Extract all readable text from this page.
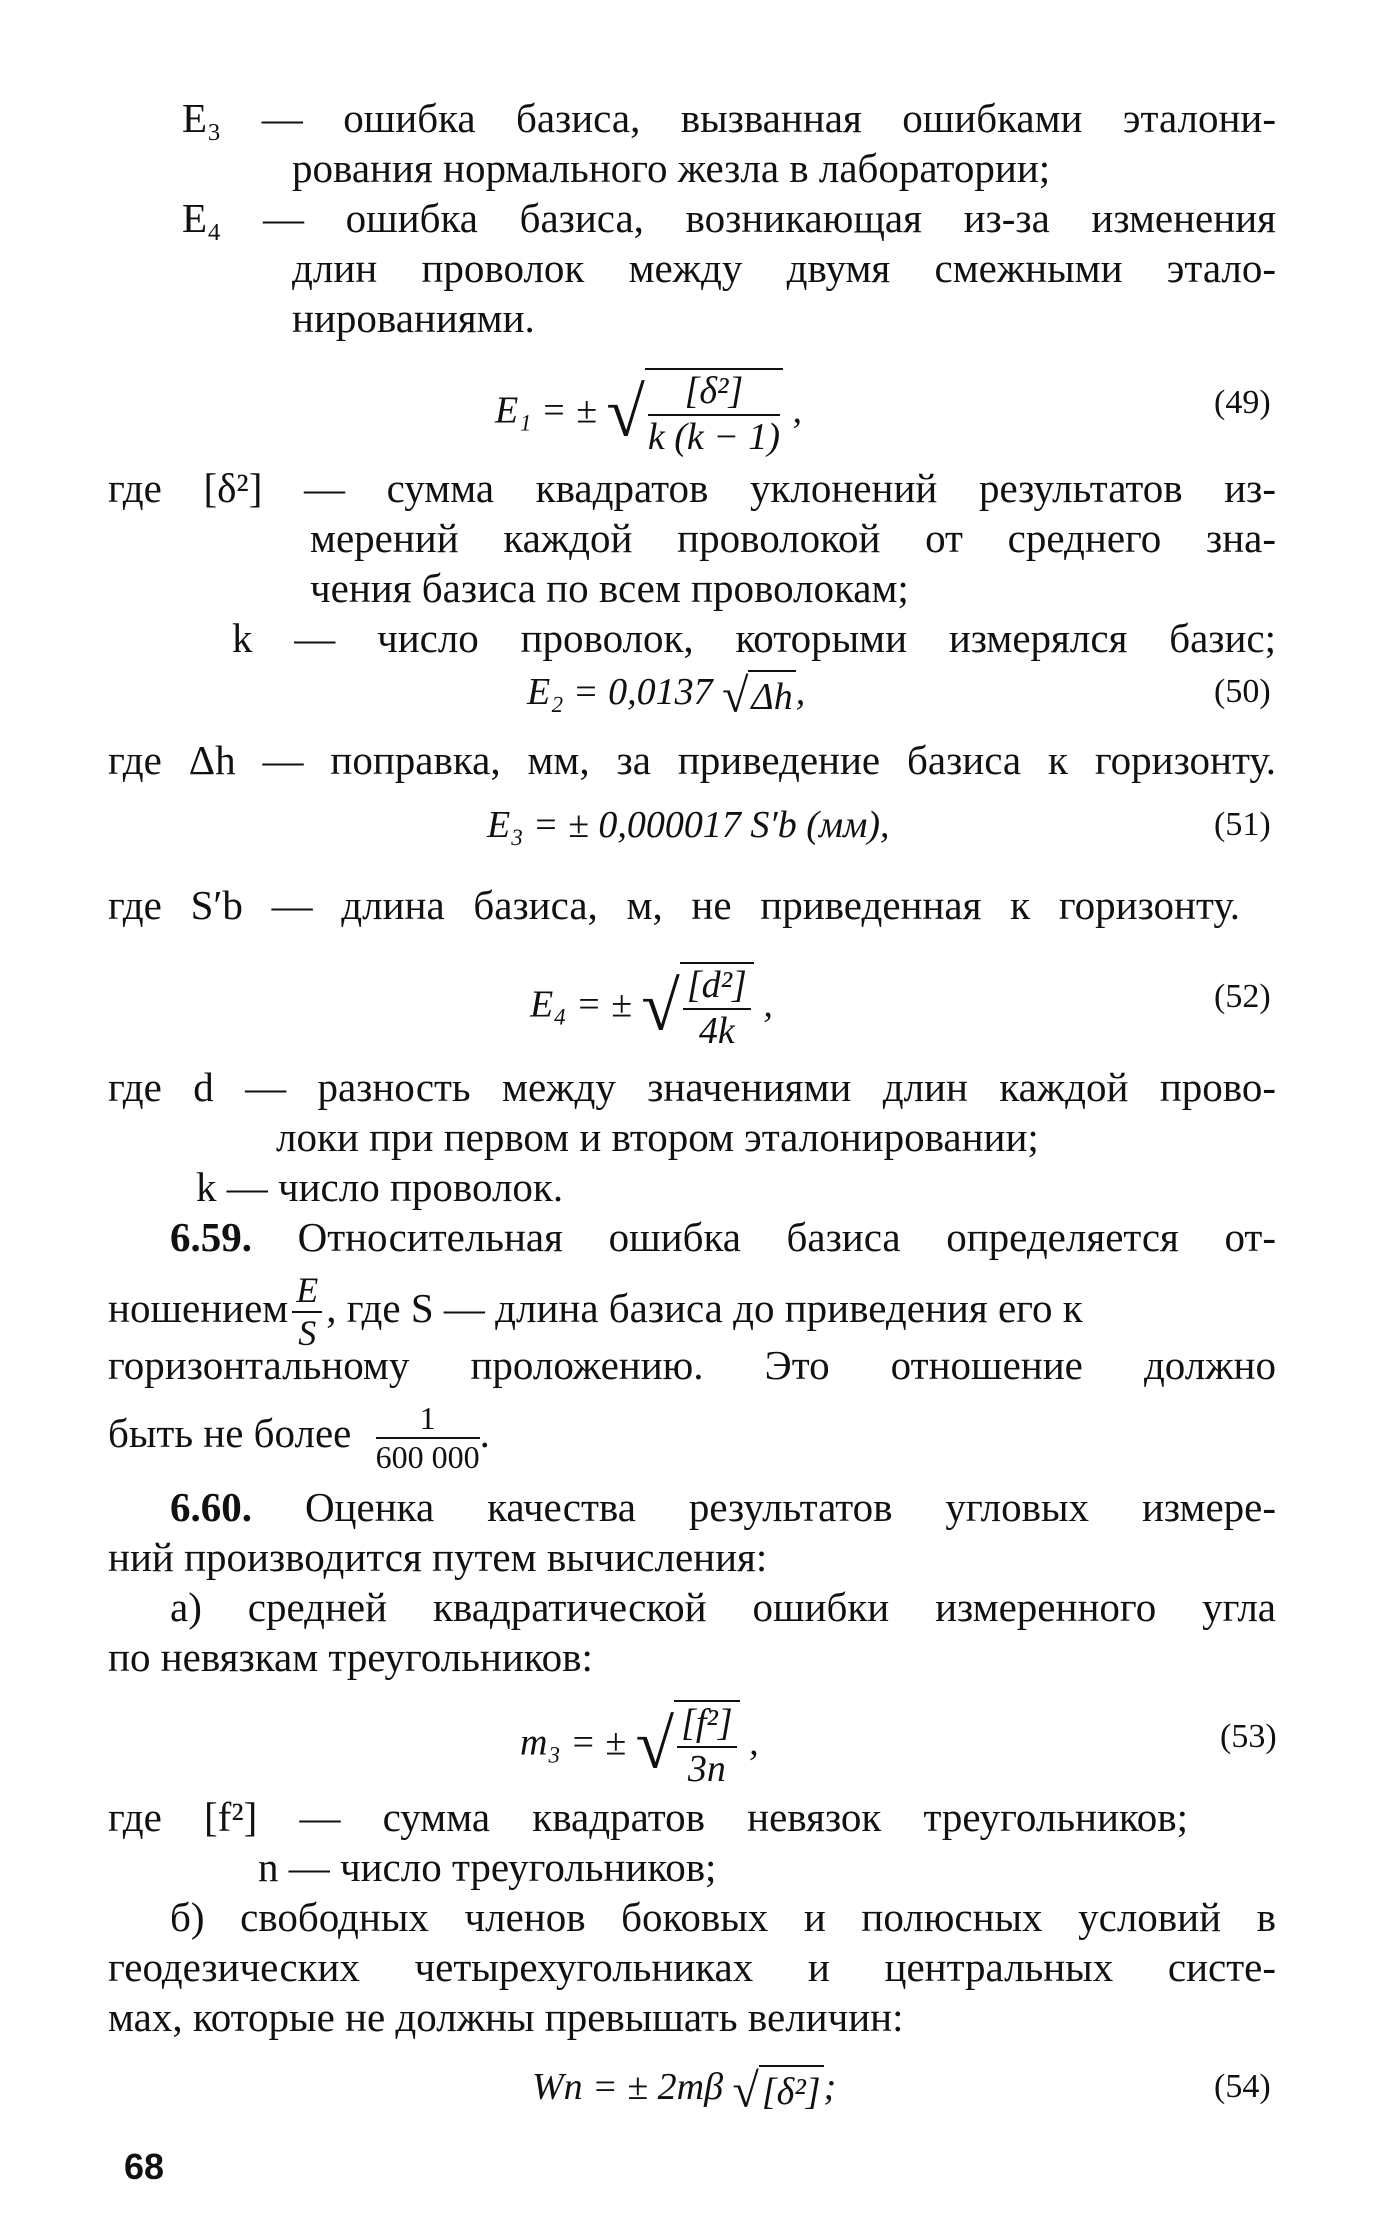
E₃ — ошибка базиса, вызванная ошибками эталони-
рования нормального жезла в лаборатории;
E₄ — ошибка базиса, возникающая из-за изменения
длин проволок между двумя смежными этало-
нированиями.
E₁ = ± √ $\frac{\text{[δ²]}}{k (k - 1)}$ ,	(49)
где [δ²] — сумма квадратов уклонений результатов из-
мерений каждой проволокой от среднего зна-
чения базиса по всем проволокам;
k — число проволок, которыми измерялся базис;
E₂ = 0,0137 √Δh,	(50)
где Δh — поправка, мм, за приведение базиса к горизонту.
E₃ = ± 0,000017 S′b (мм),	(51)
где S′b — длина базиса, м, не приведенная к горизонту.
E₄ = ± √ $\frac{\text{[d²]}}{4k}$ ,	(52)
где d — разность между значениями длин каждой прово-
локи при первом и втором эталонировании;
k — число проволок.
6.59. Относительная ошибка базиса определяется от-
ношением $\frac{E}{S}$ , где S — длина базиса до приведения его к
горизонтальному проложению. Это отношение должно
быть не более $\frac{1}{600 000}$ .
6.60. Оценка качества результатов угловых измере-
ний производится путем вычисления:
а) средней квадратической ошибки измеренного угла
по невязкам треугольников:
m₃ = ± √ $\frac{\text{[f²]}}{3n}$ ,	(53)
где [f²] — сумма квадратов невязок треугольников;
n — число треугольников;
б) свободных членов боковых и полюсных условий в
геодезических четырехугольниках и центральных систе-
мах, которые не должны превышать величин:
Wп = ± 2mβ √[δ²];	(54)
68
